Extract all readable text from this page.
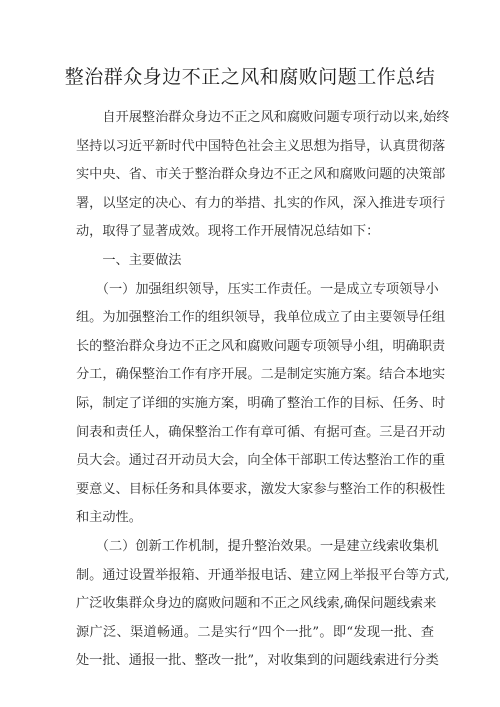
整治群众身边不正之风和腐败问题工作总结
　　自开展整治群众身边不正之风和腐败问题专项行动以来,始终
坚持以习近平新时代中国特色社会主义思想为指导，认真贯彻落
实中央、省、市关于整治群众身边不正之风和腐败问题的决策部
署，以坚定的决心、有力的举措、扎实的作风，深入推进专项行
动，取得了显著成效。现将工作开展情况总结如下：
　　一、主要做法
　　（一）加强组织领导，压实工作责任。一是成立专项领导小
组。为加强整治工作的组织领导，我单位成立了由主要领导任组
长的整治群众身边不正之风和腐败问题专项领导小组，明确职责
分工，确保整治工作有序开展。二是制定实施方案。结合本地实
际，制定了详细的实施方案，明确了整治工作的目标、任务、时
间表和责任人，确保整治工作有章可循、有据可查。三是召开动
员大会。通过召开动员大会，向全体干部职工传达整治工作的重
要意义、目标任务和具体要求，激发大家参与整治工作的积极性
和主动性。
　　（二）创新工作机制，提升整治效果。一是建立线索收集机
制。通过设置举报箱、开通举报电话、建立网上举报平台等方式,
广泛收集群众身边的腐败问题和不正之风线索,确保问题线索来
源广泛、渠道畅通。二是实行“四个一批”。即“发现一批、查
处一批、通报一批、整改一批”，对收集到的问题线索进行分类
